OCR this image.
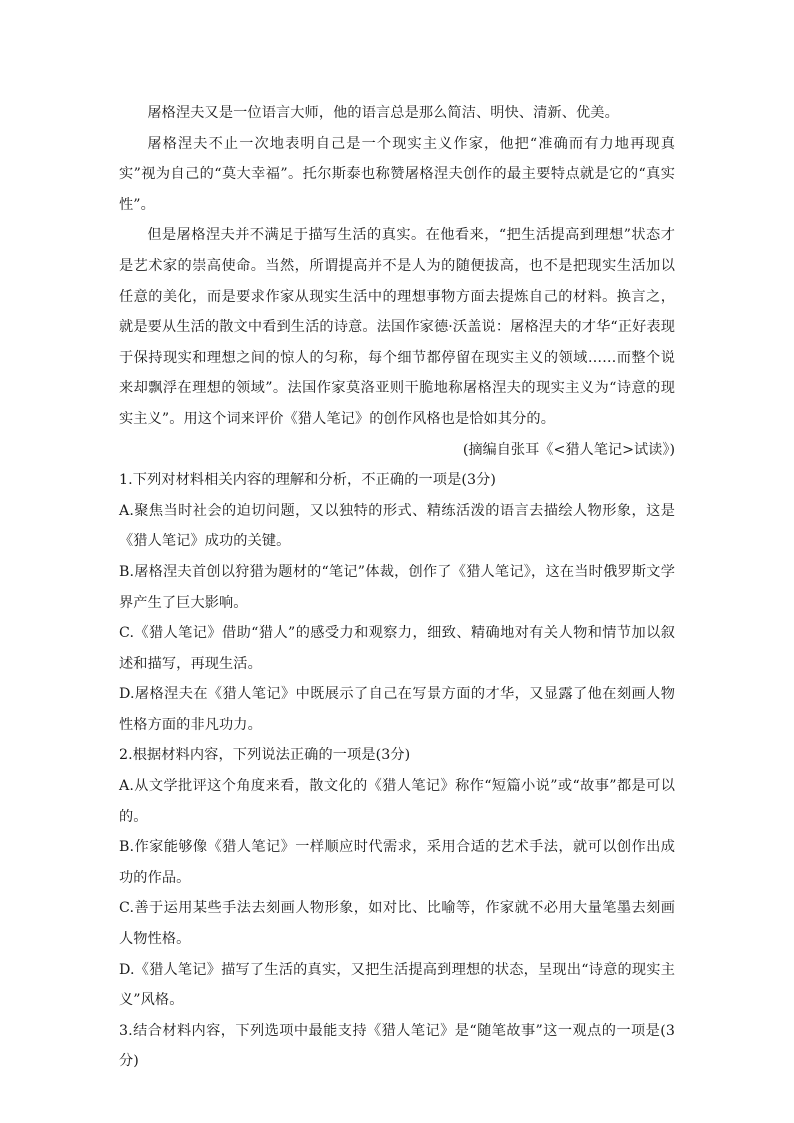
屠格涅夫又是一位语言大师，他的语言总是那么简洁、明快、清新、优美。

屠格涅夫不止一次地表明自己是一个现实主义作家，他把“准确而有力地再现真实”视为自己的“莫大幸福”。托尔斯泰也称赞屠格涅夫创作的最主要特点就是它的“真实性”。

但是屠格涅夫并不满足于描写生活的真实。在他看来，“把生活提高到理想”状态才是艺术家的崇高使命。当然，所谓提高并不是人为的随便拔高，也不是把现实生活加以任意的美化，而是要求作家从现实生活中的理想事物方面去提炼自己的材料。换言之，就是要从生活的散文中看到生活的诗意。法国作家德·沃盖说：屠格涅夫的才华“正好表现于保持现实和理想之间的惊人的匀称，每个细节都停留在现实主义的领域……而整个说来却飘浮在理想的领域”。法国作家莫洛亚则干脆地称屠格涅夫的现实主义为“诗意的现实主义”。用这个词来评价《猎人笔记》的创作风格也是恰如其分的。

(摘编自张耳《<猎人笔记>试读》)

1.下列对材料相关内容的理解和分析，不正确的一项是(3分)

A.聚焦当时社会的迫切问题，又以独特的形式、精练活泼的语言去描绘人物形象，这是《猎人笔记》成功的关键。

B.屠格涅夫首创以狩猎为题材的“笔记”体裁，创作了《猎人笔记》，这在当时俄罗斯文学界产生了巨大影响。

C.《猎人笔记》借助“猎人”的感受力和观察力，细致、精确地对有关人物和情节加以叙述和描写，再现生活。

D.屠格涅夫在《猎人笔记》中既展示了自己在写景方面的才华，又显露了他在刻画人物性格方面的非凡功力。

2.根据材料内容，下列说法正确的一项是(3分)

A.从文学批评这个角度来看，散文化的《猎人笔记》称作“短篇小说”或“故事”都是可以的。

B.作家能够像《猎人笔记》一样顺应时代需求，采用合适的艺术手法，就可以创作出成功的作品。

C.善于运用某些手法去刻画人物形象，如对比、比喻等，作家就不必用大量笔墨去刻画人物性格。

D.《猎人笔记》描写了生活的真实，又把生活提高到理想的状态，呈现出“诗意的现实主义”风格。

3.结合材料内容，下列选项中最能支持《猎人笔记》是“随笔故事”这一观点的一项是(3分)
